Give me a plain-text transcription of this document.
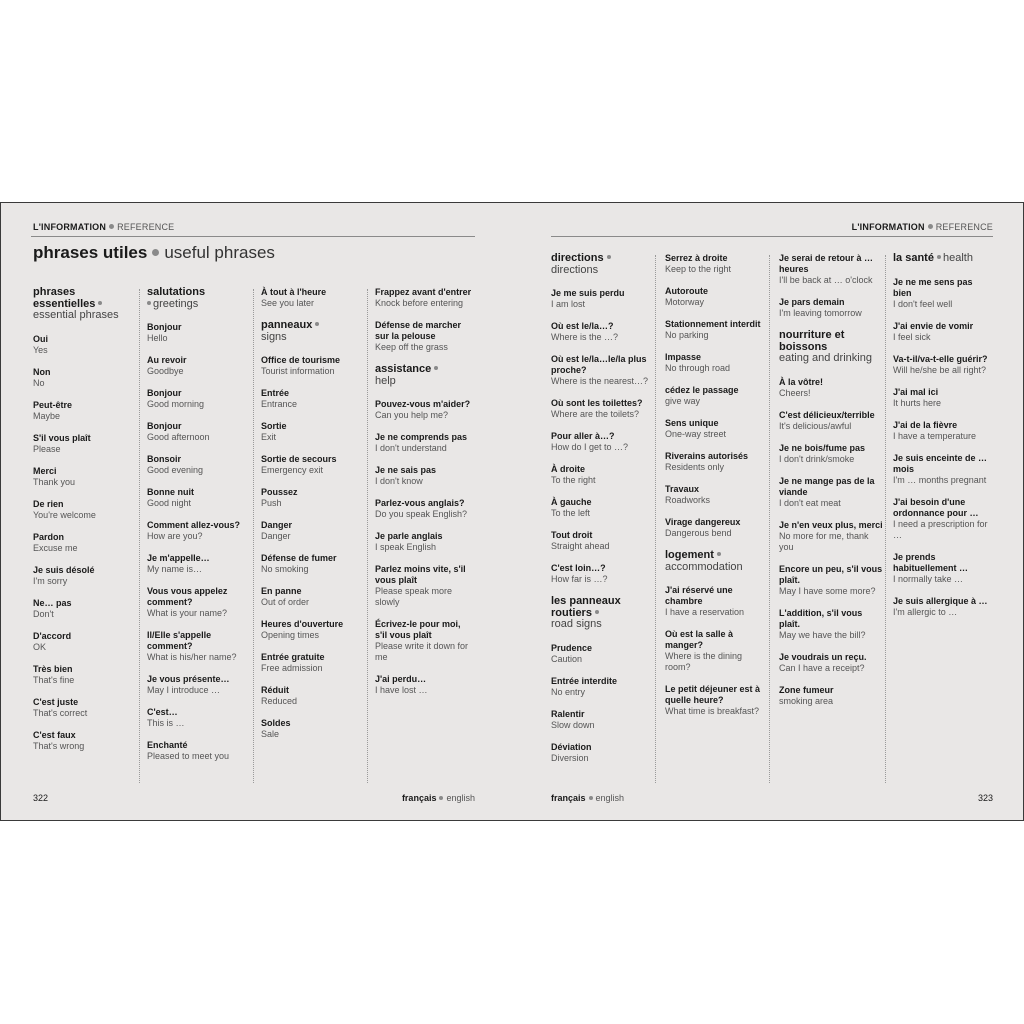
L'INFORMATION REFERENCE
phrases utiles useful phrases
phrases essentielles
essential phrases
Oui
Yes
Non
No
Peut-être
Maybe
S'il vous plaît
Please
Merci
Thank you
De rien
You're welcome
Pardon
Excuse me
Je suis désolé
I'm sorry
Ne… pas
Don't
D'accord
OK
Très bien
That's fine
C'est juste
That's correct
C'est faux
That's wrong
salutations
greetings
Bonjour
Hello
Au revoir
Goodbye
Bonjour
Good morning
Bonjour
Good afternoon
Bonsoir
Good evening
Bonne nuit
Good night
Comment allez-vous?
How are you?
Je m'appelle…
My name is…
Vous vous appelez comment?
What is your name?
Il/Elle s'appelle comment?
What is his/her name?
Je vous présente…
May I introduce …
C'est…
This is …
Enchanté
Pleased to meet you
À tout à l'heure
See you later
panneaux
signs
Office de tourisme
Tourist information
Entrée
Entrance
Sortie
Exit
Sortie de secours
Emergency exit
Poussez
Push
Danger
Danger
Défense de fumer
No smoking
En panne
Out of order
Heures d'ouverture
Opening times
Entrée gratuite
Free admission
Réduit
Reduced
Soldes
Sale
Frappez avant d'entrer
Knock before entering
Défense de marcher sur la pelouse
Keep off the grass
assistance
help
Pouvez-vous m'aider?
Can you help me?
Je ne comprends pas
I don't understand
Je ne sais pas
I don't know
Parlez-vous anglais?
Do you speak English?
Je parle anglais
I speak English
Parlez moins vite, s'il vous plaît
Please speak more slowly
Écrivez-le pour moi, s'il vous plaît
Please write it down for me
J'ai perdu…
I have lost …
322	français english
L'INFORMATION REFERENCE
directions
directions
Je me suis perdu
I am lost
Où est le/la…?
Where is the …?
Où est le/la…le/la plus proche?
Where is the nearest…?
Où sont les toilettes?
Where are the toilets?
Pour aller à…?
How do I get to …?
À droite
To the right
À gauche
To the left
Tout droit
Straight ahead
C'est loin…?
How far is …?
les panneaux routiers
road signs
Prudence
Caution
Entrée interdite
No entry
Ralentir
Slow down
Déviation
Diversion
Serrez à droite
Keep to the right
Autoroute
Motorway
Stationnement interdit
No parking
Impasse
No through road
cédez le passage
give way
Sens unique
One-way street
Riverains autorisés
Residents only
Travaux
Roadworks
Virage dangereux
Dangerous bend
logement
accommodation
J'ai réservé une chambre
I have a reservation
Où est la salle à manger?
Where is the dining room?
Le petit déjeuner est à quelle heure?
What time is breakfast?
Je serai de retour à … heures
I'll be back at … o'clock
Je pars demain
I'm leaving tomorrow
nourriture et boissons
eating and drinking
À la vôtre!
Cheers!
C'est délicieux/terrible
It's delicious/awful
Je ne bois/fume pas
I don't drink/smoke
Je ne mange pas de la viande
I don't eat meat
Je n'en veux plus, merci
No more for me, thank you
Encore un peu, s'il vous plaît.
May I have some more?
L'addition, s'il vous plaît.
May we have the bill?
Je voudrais un reçu.
Can I have a receipt?
Zone fumeur
smoking area
la santé health
Je ne me sens pas bien
I don't feel well
J'ai envie de vomir
I feel sick
Va-t-il/va-t-elle guérir?
Will he/she be all right?
J'ai mal ici
It hurts here
J'ai de la fièvre
I have a temperature
Je suis enceinte de …mois
I'm … months pregnant
J'ai besoin d'une ordonnance pour …
I need a prescription for …
Je prends habituellement …
I normally take …
Je suis allergique à …
I'm allergic to …
français english	323
